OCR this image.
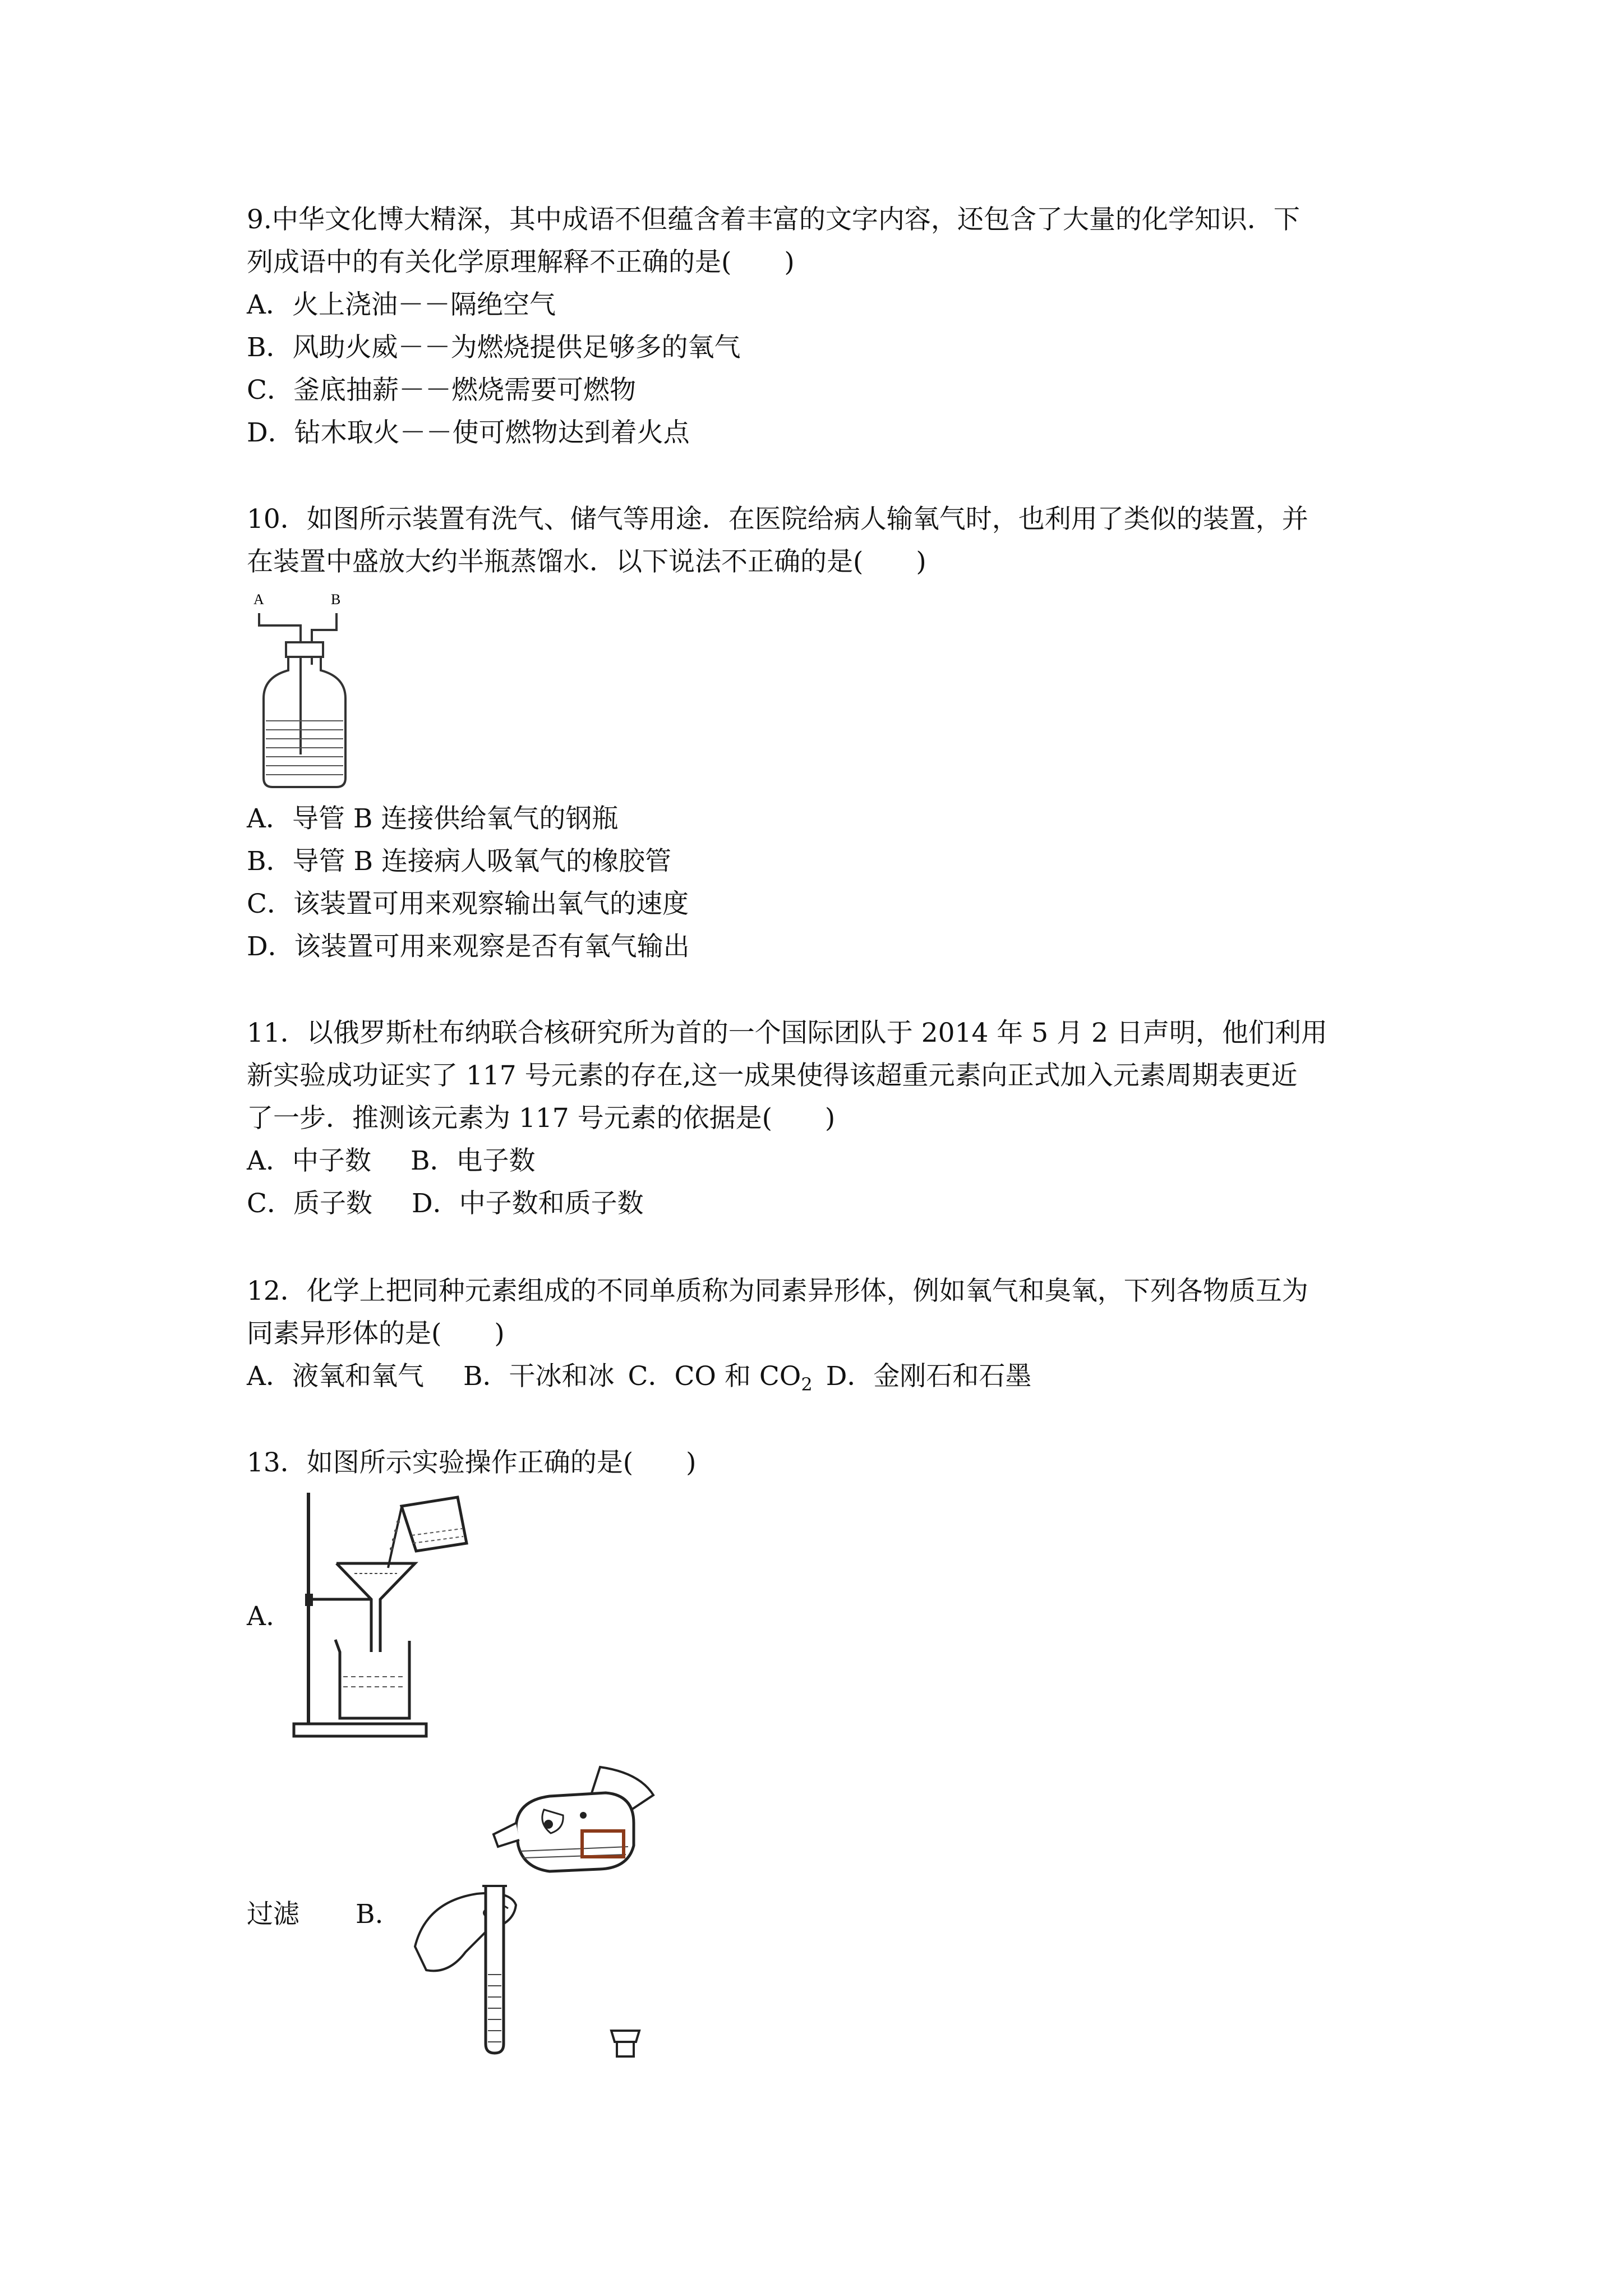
9.中华文化博大精深，其中成语不但蕴含着丰富的文字内容，还包含了大量的化学知识．下
列成语中的有关化学原理解释不正确的是(　　)
A．火上浇油－－隔绝空气
B．风助火威－－为燃烧提供足够多的氧气
C．釜底抽薪－－燃烧需要可燃物
D．钻木取火－－使可燃物达到着火点
10．如图所示装置有洗气、储气等用途．在医院给病人输氧气时，也利用了类似的装置，并
在装置中盛放大约半瓶蒸馏水．以下说法不正确的是(　　)
A	B
A．导管 B 连接供给氧气的钢瓶
B．导管 B 连接病人吸氧气的橡胶管
C．该装置可用来观察输出氧气的速度
D．该装置可用来观察是否有氧气输出
11．以俄罗斯杜布纳联合核研究所为首的一个国际团队于 2014 年 5 月 2 日声明，他们利用
新实验成功证实了 117 号元素的存在,这一成果使得该超重元素向正式加入元素周期表更近
了一步．推测该元素为 117 号元素的依据是(　　)
A．中子数 B．电子数
C．质子数 D．中子数和质子数
12．化学上把同种元素组成的不同单质称为同素异形体，例如氧气和臭氧，下列各物质互为
同素异形体的是(　　)
A．液氧和氧气 B．干冰和冰 C．CO 和 $CO_2$ D．金刚石和石墨
13．如图所示实验操作正确的是(　　)
A.
过滤 B.
